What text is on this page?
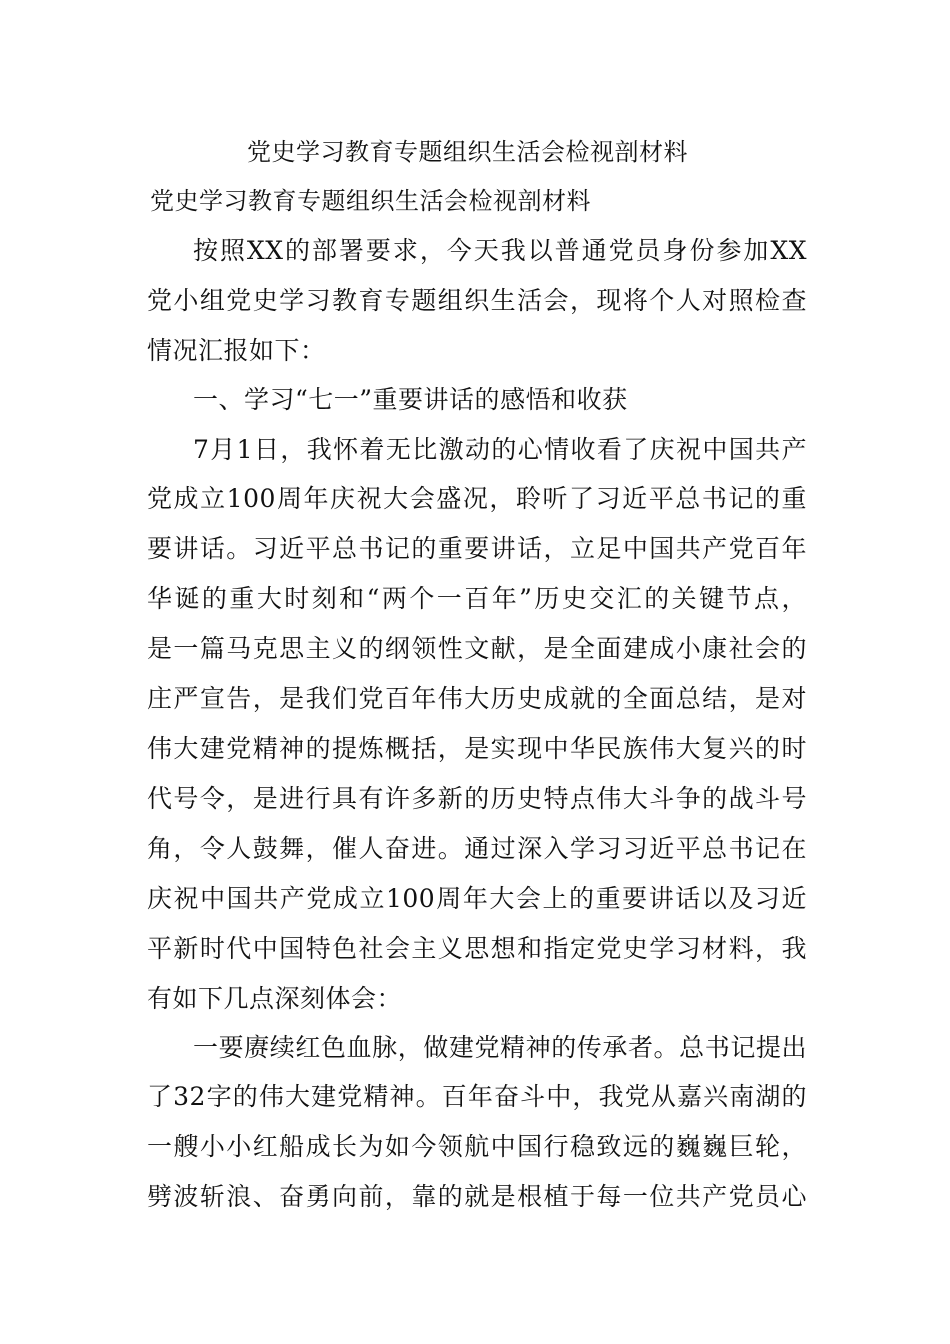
党史学习教育专题组织生活会检视剖材料
党史学习教育专题组织生活会检视剖材料
按照XX的部署要求，今天我以普通党员身份参加XX
党小组党史学习教育专题组织生活会，现将个人对照检查
情况汇报如下：
一、学习“七一”重要讲话的感悟和收获
7月1日，我怀着无比激动的心情收看了庆祝中国共产
党成立100周年庆祝大会盛况，聆听了习近平总书记的重
要讲话。习近平总书记的重要讲话，立足中国共产党百年
华诞的重大时刻和“两个一百年”历史交汇的关键节点，
是一篇马克思主义的纲领性文献，是全面建成小康社会的
庄严宣告，是我们党百年伟大历史成就的全面总结，是对
伟大建党精神的提炼概括，是实现中华民族伟大复兴的时
代号令，是进行具有许多新的历史特点伟大斗争的战斗号
角，令人鼓舞，催人奋进。通过深入学习习近平总书记在
庆祝中国共产党成立100周年大会上的重要讲话以及习近
平新时代中国特色社会主义思想和指定党史学习材料，我
有如下几点深刻体会：
一要赓续红色血脉，做建党精神的传承者。总书记提出
了32字的伟大建党精神。百年奋斗中，我党从嘉兴南湖的
一艘小小红船成长为如今领航中国行稳致远的巍巍巨轮，
劈波斩浪、奋勇向前，靠的就是根植于每一位共产党员心
